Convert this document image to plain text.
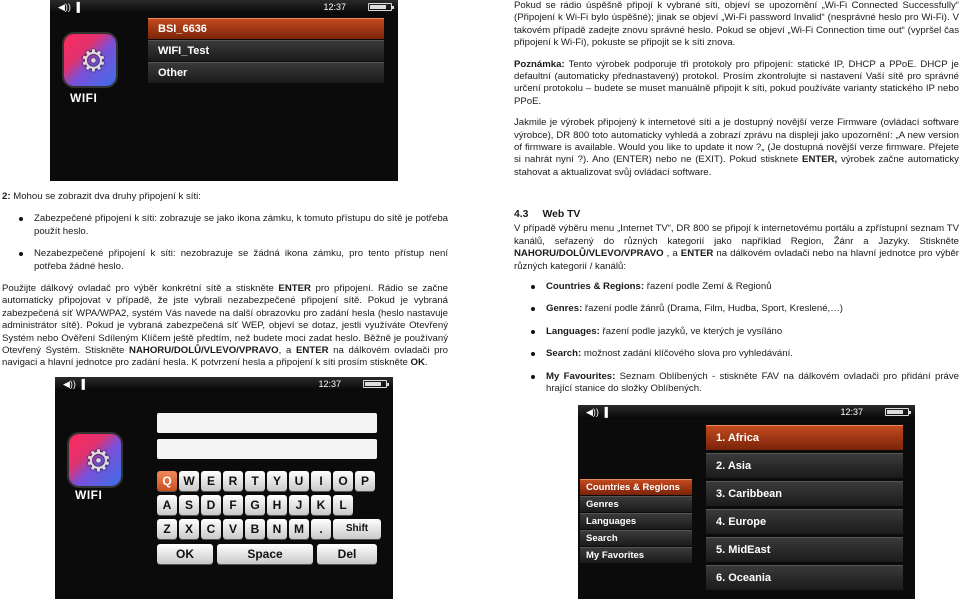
◀)) ▐	12:37
⚙
WIFI
BSI_6636
WIFI_Test
Other
2: Mohou se zobrazit dva druhy připojení k síti:
Zabezpečené připojení k síti: zobrazuje se jako ikona zámku, k tomuto přístupu do sítě je potřeba použít heslo.
Nezabezpečené připojení k síti: nezobrazuje se žádná ikona zámku, pro tento přístup není potřeba žádné heslo.
Použijte dálkový ovladač pro výběr konkrétní sítě a stiskněte ENTER pro připojení. Rádio se začne automaticky připojovat v případě, že jste vybrali nezabezpečené připojení sítě. Pokud je vybraná zabezpečená síť WPA/WPA2, systém Vás navede na další obrazovku pro zadání hesla (heslo nastavuje administrátor sítě). Pokud je vybraná zabezpečená síť WEP, objeví se dotaz, jestli využíváte Otevřený Systém nebo Ověření Sdíleným Klíčem ještě předtím, než budete moci zadat heslo. Běžně je používaný Otevřený Systém. Stiskněte NAHORU/DOLŮ/VLEVO/VPRAVO, a ENTER na dálkovém ovladači pro navigaci a hlavní jednotce pro zadání hesla. K potvrzení hesla a připojení k síti prosím stiskněte OK.
◀)) ▐	12:37
⚙
WIFI
Q W	E	R	T	Y	U	I	O	P
A	S	D	F	G	H	J	K	L
Z	X	C	V	B	N	M	.	Shift
OK	Space	Del
Pokud se rádio úspěšně připojí k vybrané síti, objeví se upozornění „Wi-Fi Connected Successfully“ (Připojení k Wi-Fi bylo úspěšné); jinak se objeví „Wi-Fi password Invalid“ (nesprávné heslo pro Wi-Fi). V takovém případě zadejte znovu správné heslo. Pokud se objeví „Wi-Fi Connection time out“ (vypršel čas připojení k Wi-Fi), pokuste se připojit se k síti znova.
Poznámka: Tento výrobek podporuje tři protokoly pro připojení: statické IP, DHCP a PPoE. DHCP je defaultní (automaticky přednastavený) protokol. Prosím zkontrolujte si nastavení Vaší sítě pro správné určení protokolu – budete se muset manuálně připojit k síti, pokud používáte varianty statického IP nebo PPoE.
Jakmile je výrobek připojený k internetové síti a je dostupný novější verze Firmware (ovládací software výrobce), DR 800 toto automaticky vyhledá a zobrazí zprávu na displeji jako upozornění: „A new version of firmware is available. Would you like to update it now ?„ (Je dostupná novější verze firmware. Přejete si nahrát nyní ?). Ano (ENTER) nebo ne (EXIT). Pokud stisknete ENTER, výrobek začne automaticky stahovat a aktualizovat svůj ovládací software.
4.3 Web TV
V případě výběru menu „Internet TV“, DR 800 se připojí k internetovému portálu a zpřístupní seznam TV kanálů, seřazený do různých kategorií jako například Region, Žánr a Jazyky. Stiskněte NAHORU/DOLŮ/VLEVO/VPRAVO , a ENTER na dálkovém ovladači nebo na hlavní jednotce pro výběr různých kategorií / kanálů:
Countries & Regions: řazení podle Zemí & Regionů
Genres: řazení podle žánrů (Drama, Film, Hudba, Sport, Kreslené,…)
Languages: řazení podle jazyků, ve kterých je vysíláno
Search: možnost zadání klíčového slova pro vyhledávání.
My Favourites: Seznam Oblíbených - stiskněte FAV na dálkovém ovladači pro přidání práve hrající stanice do složky Oblíbených.
◀)) ▐	12:37
Countries & Regions
Genres
Languages
Search
My Favorites
1. Africa
2. Asia
3. Caribbean
4. Europe
5. MidEast
6. Oceania
